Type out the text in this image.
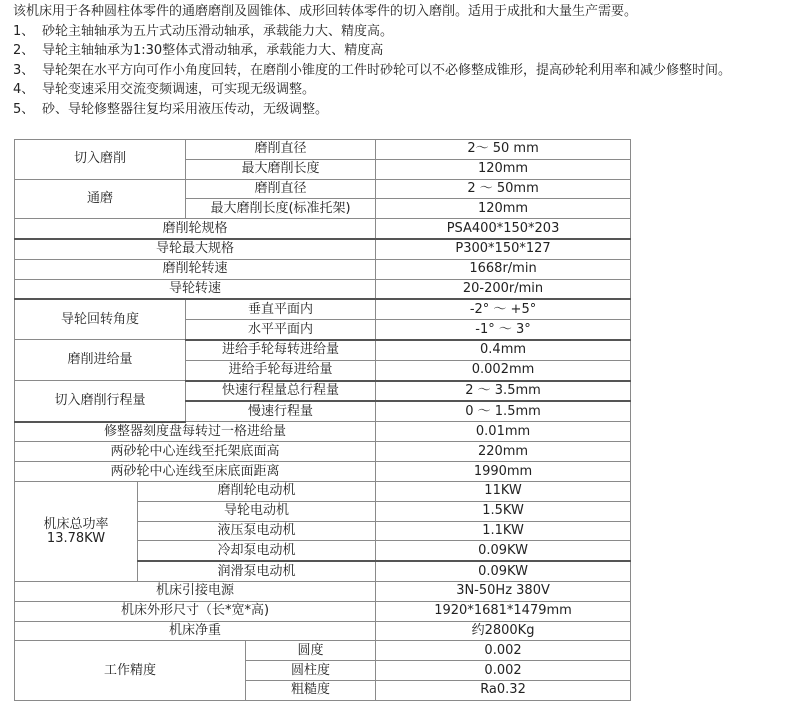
该机床用于各种圆柱体零件的通磨磨削及圆锥体、成形回转体零件的切入磨削。适用于成批和大量生产需要。

1、 砂轮主轴轴承为五片式动压滑动轴承，承载能力大、精度高。

2、 导轮主轴轴承为1:30整体式滑动轴承，承载能力大、精度高

3、 导轮架在水平方向可作小角度回转，在磨削小锥度的工件时砂轮可以不必修整成锥形，提高砂轮利用率和减少修整时间。

4、 导轮变速采用交流变频调速，可实现无级调整。

5、 砂、导轮修整器往复均采用液压传动，无级调整。

切入磨削		磨削直径		2～ 50 mm
		最大磨削长度		120mm
通磨		磨削直径		2 ～ 50mm
		最大磨削长度(标准托架)		120mm
磨削轮规格				PSA400*150*203
导轮最大规格				P300*150*127
磨削轮转速				1668r/min
导轮转速				20-200r/min
导轮回转角度		垂直平面内		-2° ～ +5°
		水平平面内		-1° ～ 3°
磨削进给量		进给手轮每转进给量		0.4mm
		进给手轮每进给量		0.002mm
切入磨削行程量		快速行程量总行程量		2 ～ 3.5mm
		慢速行程量		0 ～ 1.5mm
修整器刻度盘每转过一格进给量				0.01mm
两砂轮中心连线至托架底面高				220mm
两砂轮中心连线至床底面距离				1990mm
机床总功率
13.78KW	磨削轮电动机			11KW
	导轮电动机			1.5KW
	液压泵电动机			1.1KW
	冷却泵电动机			0.09KW
	润滑泵电动机			0.09KW
机床引接电源				3N-50Hz 380V
机床外形尺寸（长*宽*高)				1920*1681*1479mm
机床净重				约2800Kg
工作精度			圆度	0.002
			圆柱度	0.002
			粗糙度	Ra0.32
